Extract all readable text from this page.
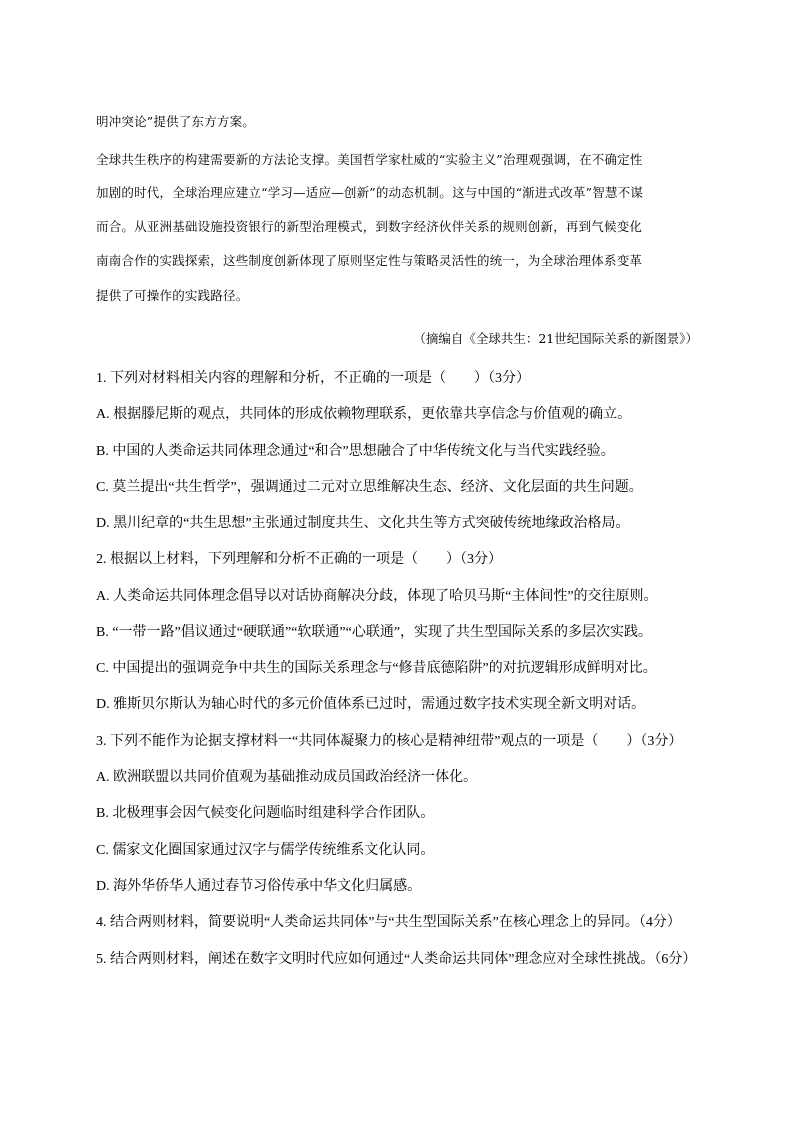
明冲突论”提供了东方方案。
全球共生秩序的构建需要新的方法论支撑。美国哲学家杜威的“实验主义”治理观强调，在不确定性
加剧的时代，全球治理应建立“学习—适应—创新”的动态机制。这与中国的“渐进式改革”智慧不谋
而合。从亚洲基础设施投资银行的新型治理模式，到数字经济伙伴关系的规则创新，再到气候变化
南南合作的实践探索，这些制度创新体现了原则坚定性与策略灵活性的统一，为全球治理体系变革
提供了可操作的实践路径。
（摘编自《全球共生：21世纪国际关系的新图景》）
1. 下列对材料相关内容的理解和分析，不正确的一项是（　　）（3分）
A. 根据滕尼斯的观点，共同体的形成依赖物理联系，更依靠共享信念与价值观的确立。
B. 中国的人类命运共同体理念通过“和合”思想融合了中华传统文化与当代实践经验。
C. 莫兰提出“共生哲学”，强调通过二元对立思维解决生态、经济、文化层面的共生问题。
D. 黑川纪章的“共生思想”主张通过制度共生、文化共生等方式突破传统地缘政治格局。
2. 根据以上材料，下列理解和分析不正确的一项是（　　）（3分）
A. 人类命运共同体理念倡导以对话协商解决分歧，体现了哈贝马斯“主体间性”的交往原则。
B. “一带一路”倡议通过“硬联通”“软联通”“心联通”，实现了共生型国际关系的多层次实践。
C. 中国提出的强调竞争中共生的国际关系理念与“修昔底德陷阱”的对抗逻辑形成鲜明对比。
D. 雅斯贝尔斯认为轴心时代的多元价值体系已过时，需通过数字技术实现全新文明对话。
3. 下列不能作为论据支撑材料一“共同体凝聚力的核心是精神纽带”观点的一项是（　　）（3分）
A. 欧洲联盟以共同价值观为基础推动成员国政治经济一体化。
B. 北极理事会因气候变化问题临时组建科学合作团队。
C. 儒家文化圈国家通过汉字与儒学传统维系文化认同。
D. 海外华侨华人通过春节习俗传承中华文化归属感。
4. 结合两则材料，简要说明“人类命运共同体”与“共生型国际关系”在核心理念上的异同。（4分）
5. 结合两则材料，阐述在数字文明时代应如何通过“人类命运共同体”理念应对全球性挑战。（6分）
